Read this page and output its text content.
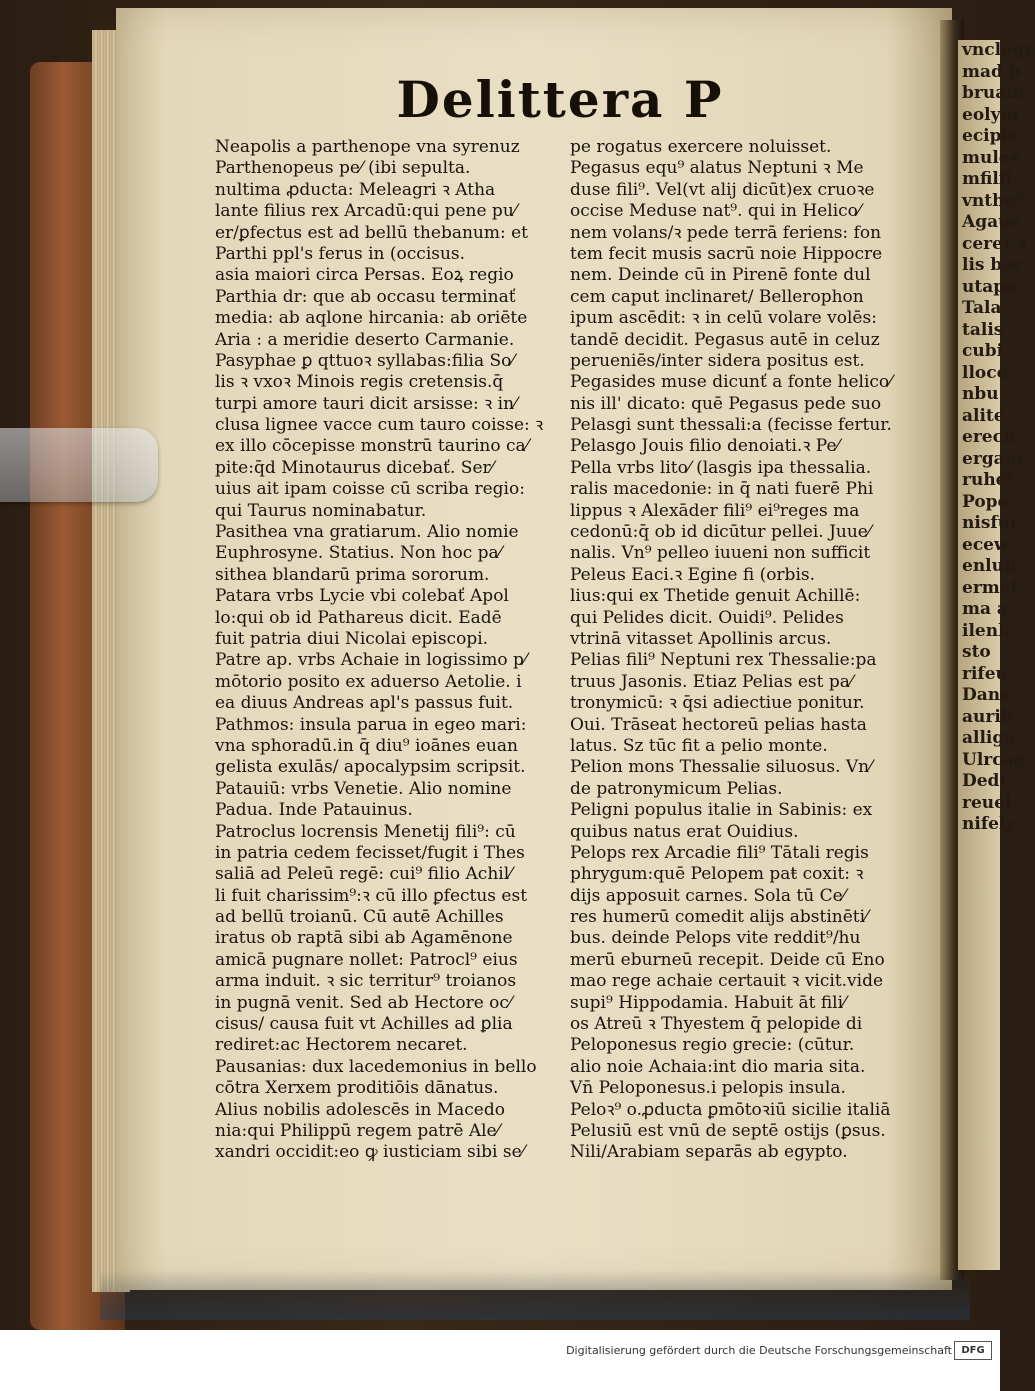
vncloge
mad b
bruaui
eolym
ecipie
mules
mfilit
vnthe⁹
Agaue
ceret a
lis bac
utapo
Tala
talis
cubi
lloco
nbu
alite
erecn
ergam
ruhe⁹
Popo
nisfui
ecew
enlup
ermel
ma a
ilenh
sto
rifeu
Dana
aurib
alliga
Ulrcac
Dedi
reuel
nifely
Delittera P
Neapolis a parthenope vna syrenuz
Parthenopeus pe⁄ (ibi sepulta.
nultima ꝓducta: Meleagri ꝛ Atha
lante filius rex Arcadū:qui pene pu⁄
er/ꝑfectus est ad bellū thebanum: et
Parthi ppl's ferus in (occisus.
asia maiori circa Persas. Eoꝝ regio
Parthia dr: que ab occasu terminať
media: ab aqlone hircania: ab oriēte
Aria : a meridie deserto Carmanie.
Pasyphae ꝑ qttuoꝛ syllabas:filia So⁄
lis ꝛ vxoꝛ Minois regis cretensis.q̄
turpi amore tauri dicit arsisse: ꝛ in⁄
clusa lignee vacce cum tauro coisse: ꝛ
ex illo cōcepisse monstrū taurino ca⁄
pite:q̄d Minotaurus dicebať. Ser⁄
uius ait ipam coisse cū scriba regio:
qui Taurus nominabatur.
Pasithea vna gratiarum. Alio nomie
Euphrosyne. Statius. Non hoc pa⁄
sithea blandarū prima sororum.
Patara vrbs Lycie vbi colebať Apol
lo:qui ob id Pathareus dicit. Eadē
fuit patria diui Nicolai episcopi.
Patre ap. vrbs Achaie in logissimo p⁄
mōtorio posito ex aduerso Aetolie. i
ea diuus Andreas apl's passus fuit.
Pathmos: insula parua in egeo mari:
vna sphoradū.in q̄ diu⁹ ioānes euan
gelista exulās/ apocalypsim scripsit.
Patauiū: vrbs Venetie. Alio nomine
Padua. Inde Patauinus.
Patroclus locrensis Menetij fili⁹: cū
in patria cedem fecisset/fugit i Thes
saliā ad Peleū regē: cui⁹ filio Achil⁄
li fuit charissim⁹:ꝛ cū illo ꝑfectus est
ad bellū troianū. Cū autē Achilles
iratus ob raptā sibi ab Agamēnone
amicā pugnare nollet: Patrocl⁹ eius
arma induit. ꝛ sic territur⁹ troianos
in pugnā venit. Sed ab Hectore oc⁄
cisus/ causa fuit vt Achilles ad ꝑlia
rediret:ac Hectorem necaret.
Pausanias: dux lacedemonius in bello
cōtra Xerxem proditiōis dānatus.
Alius nobilis adolescēs in Macedo
nia:qui Philippū regem patrē Ale⁄
xandri occidit:eo ꝙ iusticiam sibi se⁄
pe rogatus exercere noluisset.
Pegasus equ⁹ alatus Neptuni ꝛ Me
duse fili⁹. Vel(vt alij dicūt)ex cruoꝛe
occise Meduse nat⁹. qui in Helico⁄
nem volans/ꝛ pede terrā feriens: fon
tem fecit musis sacrū noie Hippocre
nem. Deinde cū in Pirenē fonte dul
cem caput inclinaret/ Bellerophon
ipum ascēdit: ꝛ in celū volare volēs:
tandē decidit. Pegasus autē in celuz
perueniēs/inter sidera positus est.
Pegasides muse dicunť a fonte helico⁄
nis ill' dicato: quē Pegasus pede suo
Pelasgi sunt thessali:a (fecisse fertur.
Pelasgo Jouis filio denoiati.ꝛ Pe⁄
Pella vrbs lito⁄ (lasgis ipa thessalia.
ralis macedonie: in q̄ nati fuerē Phi
lippus ꝛ Alexāder fili⁹ ei⁹reges ma
cedonū:q̄ ob id dicūtur pellei. Juue⁄
nalis. Vn⁹ pelleo iuueni non sufficit
Peleus Eaci.ꝛ Egine fi (orbis.
lius:qui ex Thetide genuit Achillē:
qui Pelides dicit. Ouidi⁹. Pelides
vtrinā vitasset Apollinis arcus.
Pelias fili⁹ Neptuni rex Thessalie:pa
truus Jasonis. Etiaz Pelias est pa⁄
tronymicū: ꝛ q̄si adiectiue ponitur.
Oui. Trāseat hectoreū pelias hasta
latus. Sz tūc fit a pelio monte.
Pelion mons Thessalie siluosus. Vn⁄
de patronymicum Pelias.
Peligni populus italie in Sabinis: ex
quibus natus erat Ouidius.
Pelops rex Arcadie fili⁹ Tātali regis
phrygum:quē Pelopem paŧ coxit: ꝛ
dijs apposuit carnes. Sola tū Ce⁄
res humerū comedit alijs abstinēti⁄
bus. deinde Pelops vite reddit⁹/hu
merū eburneū recepit. Deide cū Eno
mao rege achaie certauit ꝛ vicit.vide
supi⁹ Hippodamia. Habuit āt fili⁄
os Atreū ꝛ Thyestem q̄ pelopide di
Peloponesus regio grecie: (cūtur.
alio noie Achaia:int dio maria sita.
Vn̄ Peloponesus.i pelopis insula.
Peloꝛ⁹ o.ꝓducta ꝑmōtoꝛiū sicilie italiā
Pelusiū est vnū de septē ostijs (ꝑsus.
Nili/Arabiam separās ab egypto.
Digitalisierung gefördert durch die Deutsche Forschungsgemeinschaft DFG
